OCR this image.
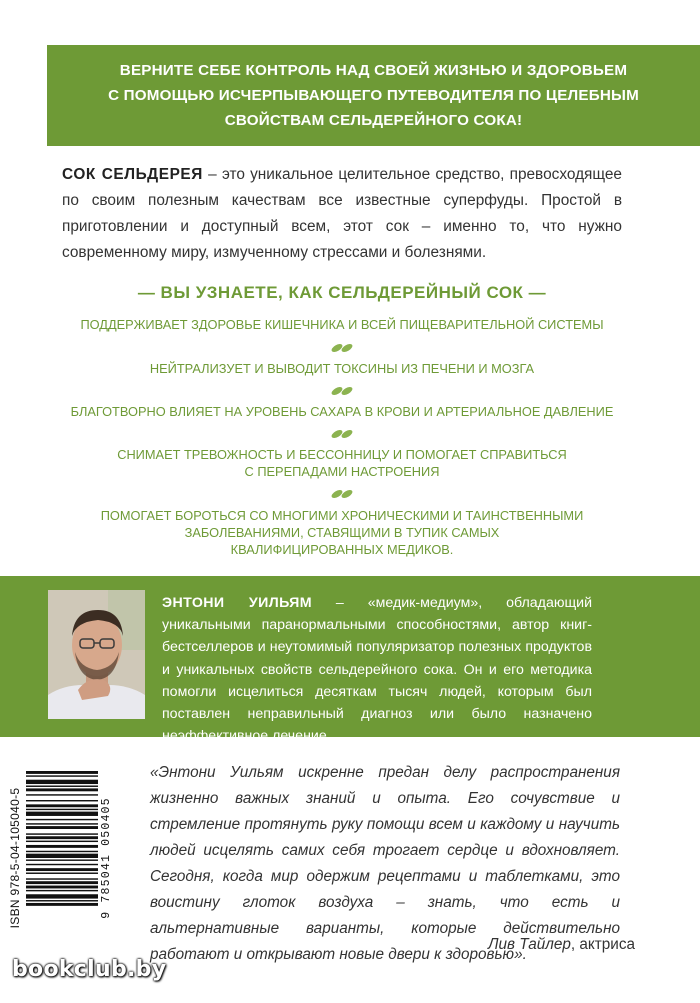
ВЕРНИТЕ СЕБЕ КОНТРОЛЬ НАД СВОЕЙ ЖИЗНЬЮ И ЗДОРОВЬЕМ
С ПОМОЩЬЮ ИСЧЕРПЫВАЮЩЕГО ПУТЕВОДИТЕЛЯ ПО ЦЕЛЕБНЫМ
СВОЙСТВАМ СЕЛЬДЕРЕЙНОГО СОКА!
СОК СЕЛЬДЕРЕЯ – это уникальное целительное средство, превосходящее по своим полезным качествам все известные суперфуды. Простой в приготовлении и доступный всем, этот сок – именно то, что нужно современному миру, измученному стрессами и болезнями.
— ВЫ УЗНАЕТЕ, КАК СЕЛЬДЕРЕЙНЫЙ СОК —
ПОДДЕРЖИВАЕТ ЗДОРОВЬЕ КИШЕЧНИКА И ВСЕЙ ПИЩЕВАРИТЕЛЬНОЙ СИСТЕМЫ
НЕЙТРАЛИЗУЕТ И ВЫВОДИТ ТОКСИНЫ ИЗ ПЕЧЕНИ И МОЗГА
БЛАГОТВОРНО ВЛИЯЕТ НА УРОВЕНЬ САХАРА В КРОВИ И АРТЕРИАЛЬНОЕ ДАВЛЕНИЕ
СНИМАЕТ ТРЕВОЖНОСТЬ И БЕССОННИЦУ И ПОМОГАЕТ СПРАВИТЬСЯ
С ПЕРЕПАДАМИ НАСТРОЕНИЯ
ПОМОГАЕТ БОРОТЬСЯ СО МНОГИМИ ХРОНИЧЕСКИМИ И ТАИНСТВЕННЫМИ
ЗАБОЛЕВАНИЯМИ, СТАВЯЩИМИ В ТУПИК САМЫХ
КВАЛИФИЦИРОВАННЫХ МЕДИКОВ.
ЭНТОНИ УИЛЬЯМ – «медик-медиум», обладающий уникальными паранормальными способностями, автор книг-бестселлеров и неутомимый популяризатор полезных продуктов и уникальных свойств сельдерейного сока. Он и его методика помогли исцелиться десяткам тысяч людей, которым был поставлен неправильный диагноз или было назначено неэффективное лечение.
ISBN 978-5-04-105040-5	9 785041 050405
«Энтони Уильям искренне предан делу распространения жизненно важных знаний и опыта. Его сочувствие и стремление протянуть руку помощи всем и каждому и научить людей исцелять самих себя трогает сердце и вдохновляет. Сегодня, когда мир одержим рецептами и таблетками, это воистину глоток воздуха – знать, что есть и альтернативные варианты, которые действительно работают и открывают новые двери к здоровью».
Лив Тайлер, актриса
bookclub.by
